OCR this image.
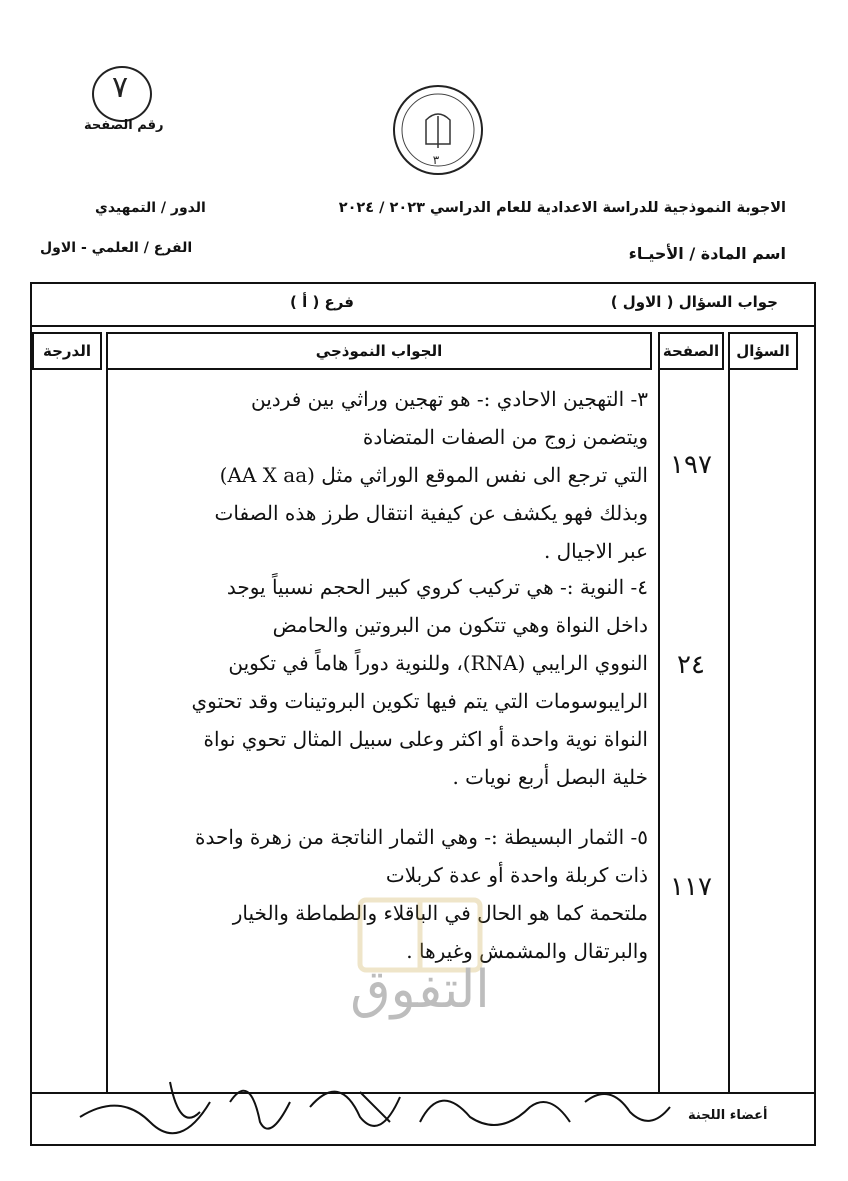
٧
رقم الصفحة
٣
الاجوبة النموذجية للدراسة الاعدادية للعام الدراسي ٢٠٢٣ / ٢٠٢٤
الدور / التمهيدي
اسم المادة / الأحيـاء
الفرع / العلمي - الاول
جواب السؤال ( الاول )
فرع ( أ )
السؤال
الصفحة
الجواب النموذجي
الدرجة
١٩٧
٣- التهجين الاحادي :- هو تهجين وراثي بين فردين
ويتضمن زوج من الصفات المتضادة
التي ترجع الى نفس الموقع الوراثي مثل (AA X aa)
وبذلك فهو يكشف عن كيفية انتقال طرز هذه الصفات
عبر الاجيال .
٢٤
٤- النوية :- هي تركيب كروي كبير الحجم نسبياً يوجد
داخل النواة وهي تتكون من البروتين والحامض
النووي الرايبي (RNA)، وللنوية دوراً هاماً في تكوين
الرايبوسومات التي يتم فيها تكوين البروتينات وقد تحتوي
النواة نوية واحدة أو اكثر وعلى سبيل المثال تحوي نواة
خلية البصل أربع نويات .
١١٧
٥- الثمار البسيطة :- وهي الثمار الناتجة من زهرة واحدة
ذات كربلة واحدة أو عدة كربلات
ملتحمة كما هو الحال في الباقلاء والطماطة والخيار
والبرتقال والمشمش وغيرها .
التفوق
أعضاء اللجنة
